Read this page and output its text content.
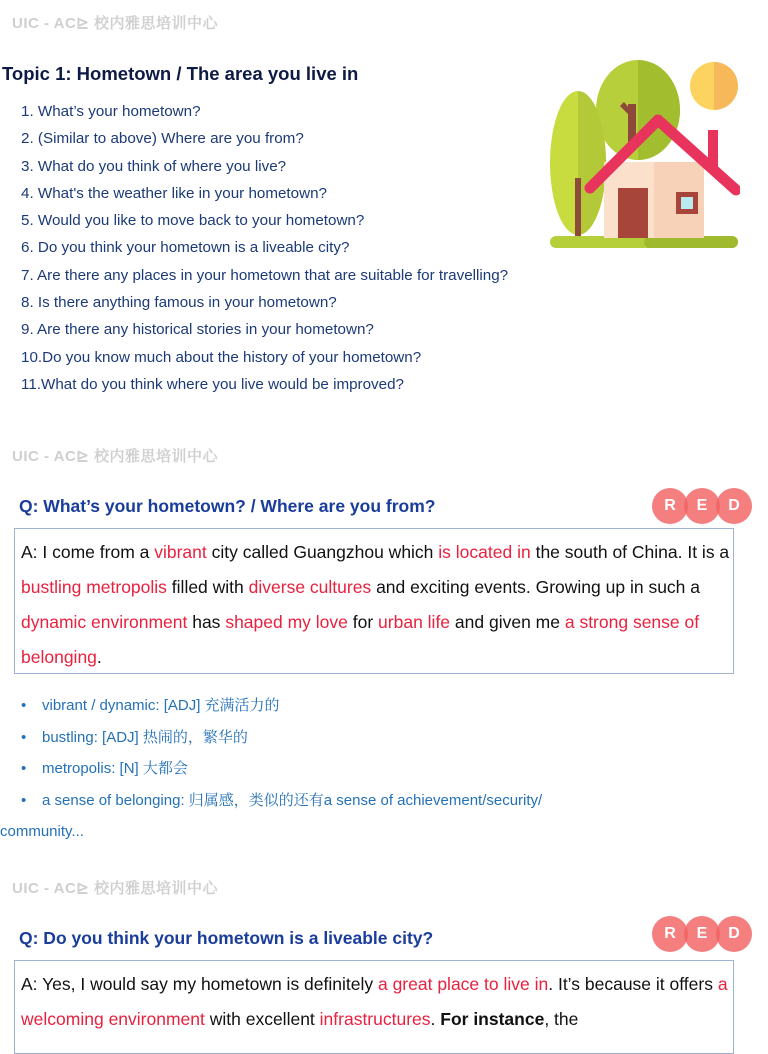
UIC - AC⊵ 校内雅思培训中心
Topic 1: Hometown / The area you live in
1. What’s your hometown?
2. (Similar to above) Where are you from?
3. What do you think of where you live?
4. What's the weather like in your hometown?
5. Would you like to move back to your hometown?
6. Do you think your hometown is a liveable city?
7. Are there any places in your hometown that are suitable for travelling?
8. Is there anything famous in your hometown?
9. Are there any historical stories in your hometown?
10.Do you know much about the history of your hometown?
11.What do you think where you live would be improved?
UIC - AC⊵ 校内雅思培训中心
Q: What’s your hometown? / Where are you from?	R	E	D
A: I come from a vibrant city called Guangzhou which is located in the south of China. It is a bustling metropolis filled with diverse cultures and exciting events. Growing up in such a dynamic environment has shaped my love for urban life and given me a strong sense of belonging.
• vibrant / dynamic: [ADJ] 充满活力的
• bustling: [ADJ] 热闹的，繁华的
• metropolis: [N] 大都会
• a sense of belonging: 归属感，类似的还有a sense of achievement/security/
community...
UIC - AC⊵ 校内雅思培训中心
Q: Do you think your hometown is a liveable city?	R	E	D
A: Yes, I would say my hometown is definitely a great place to live in. It’s because it offers a welcoming environment with excellent infrastructures. For instance, the
